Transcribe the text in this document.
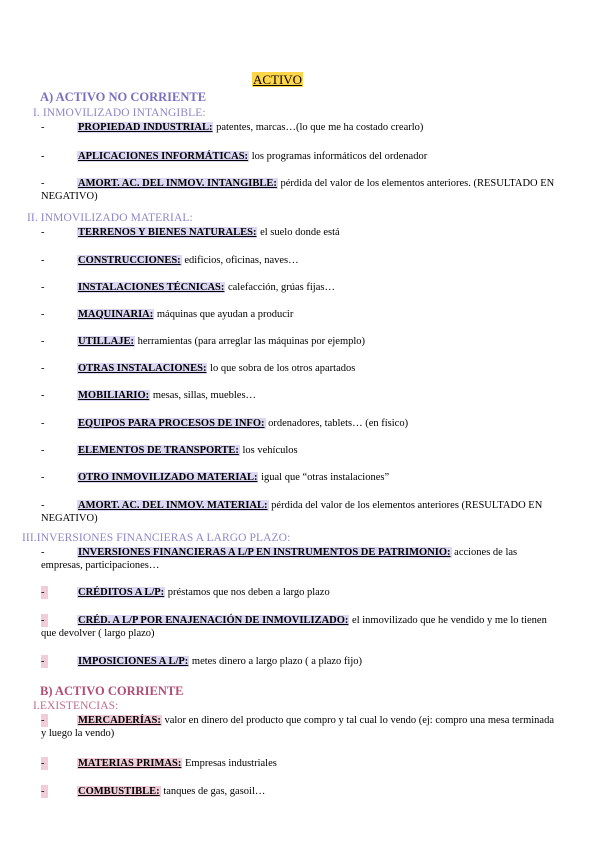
ACTIVO
A) ACTIVO NO CORRIENTE
I. INMOVILIZADO INTANGIBLE:
-	PROPIEDAD INDUSTRIAL: patentes, marcas…(lo que me ha costado crearlo)
-	APLICACIONES INFORMÁTICAS: los programas informáticos del ordenador
-	AMORT. AC. DEL INMOV. INTANGIBLE: pérdida del valor de los elementos anteriores. (RESULTADO EN NEGATIVO)
II. INMOVILIZADO MATERIAL:
-	TERRENOS Y BIENES NATURALES: el suelo donde está
-	CONSTRUCCIONES: edificios, oficinas, naves…
-	INSTALACIONES TÉCNICAS: calefacción, grúas fijas…
-	MAQUINARIA: máquinas que ayudan a producir
-	UTILLAJE: herramientas (para arreglar las máquinas por ejemplo)
-	OTRAS INSTALACIONES: lo que sobra de los otros apartados
-	MOBILIARIO: mesas, sillas, muebles…
-	EQUIPOS PARA PROCESOS DE INFO: ordenadores, tablets… (en físico)
-	ELEMENTOS DE TRANSPORTE: los vehículos
-	OTRO INMOVILIZADO MATERIAL: igual que “otras instalaciones”
-	AMORT. AC. DEL INMOV. MATERIAL: pérdida del valor de los elementos anteriores (RESULTADO EN NEGATIVO)
III.INVERSIONES FINANCIERAS A LARGO PLAZO:
-	INVERSIONES FINANCIERAS A L/P EN INSTRUMENTOS DE PATRIMONIO: acciones de las empresas, participaciones…
-	CRÉDITOS A L/P: préstamos que nos deben a largo plazo
-	CRÉD. A L/P POR ENAJENACIÓN DE INMOVILIZADO: el inmovilizado que he vendido y me lo tienen que devolver ( largo plazo)
-	IMPOSICIONES A L/P: metes dinero a largo plazo ( a plazo fijo)
B) ACTIVO CORRIENTE
I.EXISTENCIAS:
-	MERCADERÍAS: valor en dinero del producto que compro y tal cual lo vendo (ej: compro una mesa terminada y luego la vendo)
-	MATERIAS PRIMAS: Empresas industriales
-	COMBUSTIBLE: tanques de gas, gasoil…
